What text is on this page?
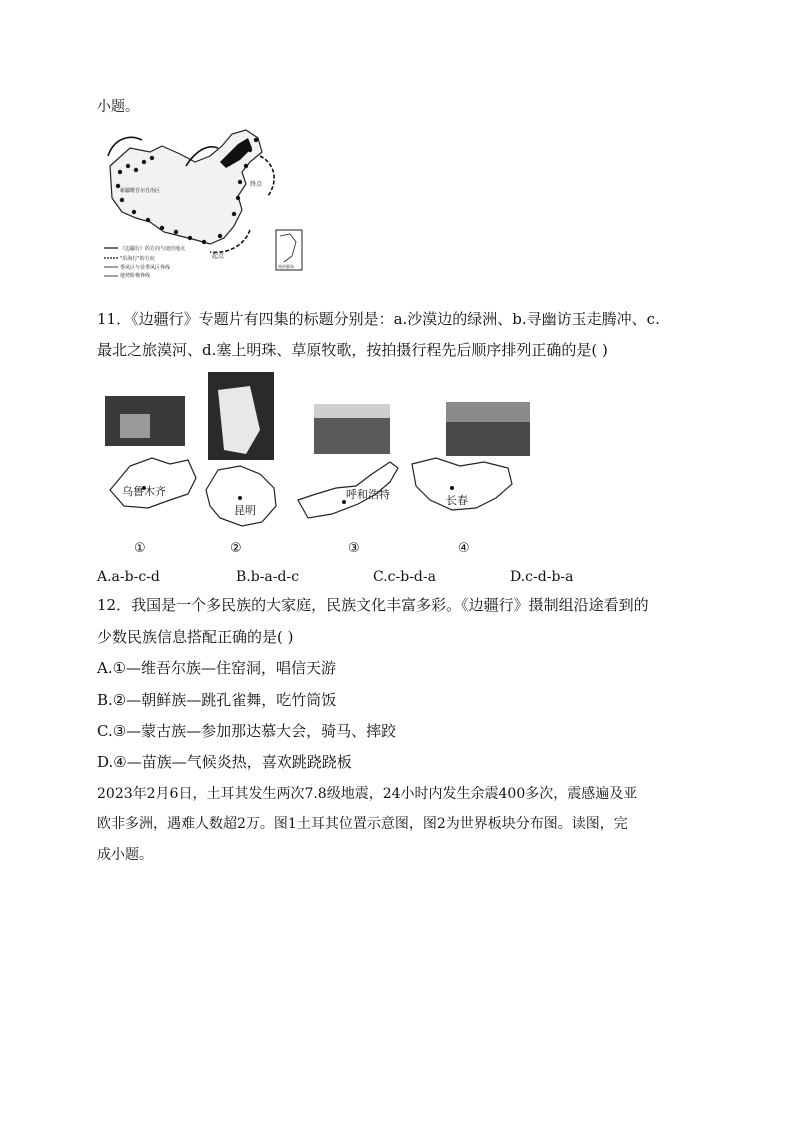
小题。
新疆维吾尔自治区
终点
起点
南沙群岛
《边疆行》的方向与途径地点
"沿海行"的方向
季风区与非季风区界线
地势阶梯界线
11．《边疆行》专题片有四集的标题分别是：a.沙漠边的绿洲、b.寻幽访玉走腾冲、c.
最北之旅漠河、d.塞上明珠、草原牧歌，按拍摄行程先后顺序排列正确的是( )
乌鲁木齐
昆明
呼和浩特	长春
①	②	③	④
A.a-b-c-d	B.b-a-d-c	C.c-b-d-a	D.c-d-b-a
12．我国是一个多民族的大家庭，民族文化丰富多彩。《边疆行》摄制组沿途看到的
少数民族信息搭配正确的是( )
A.①—维吾尔族—住窑洞，唱信天游
B.②—朝鲜族—跳孔雀舞，吃竹筒饭
C.③—蒙古族—参加那达慕大会，骑马、摔跤
D.④—苗族—气候炎热，喜欢跳跷跷板
2023年2月6日，土耳其发生两次7.8级地震，24小时内发生余震400多次，震感遍及亚
欧非多洲，遇难人数超2万。图1土耳其位置示意图，图2为世界板块分布图。读图，完
成小题。
